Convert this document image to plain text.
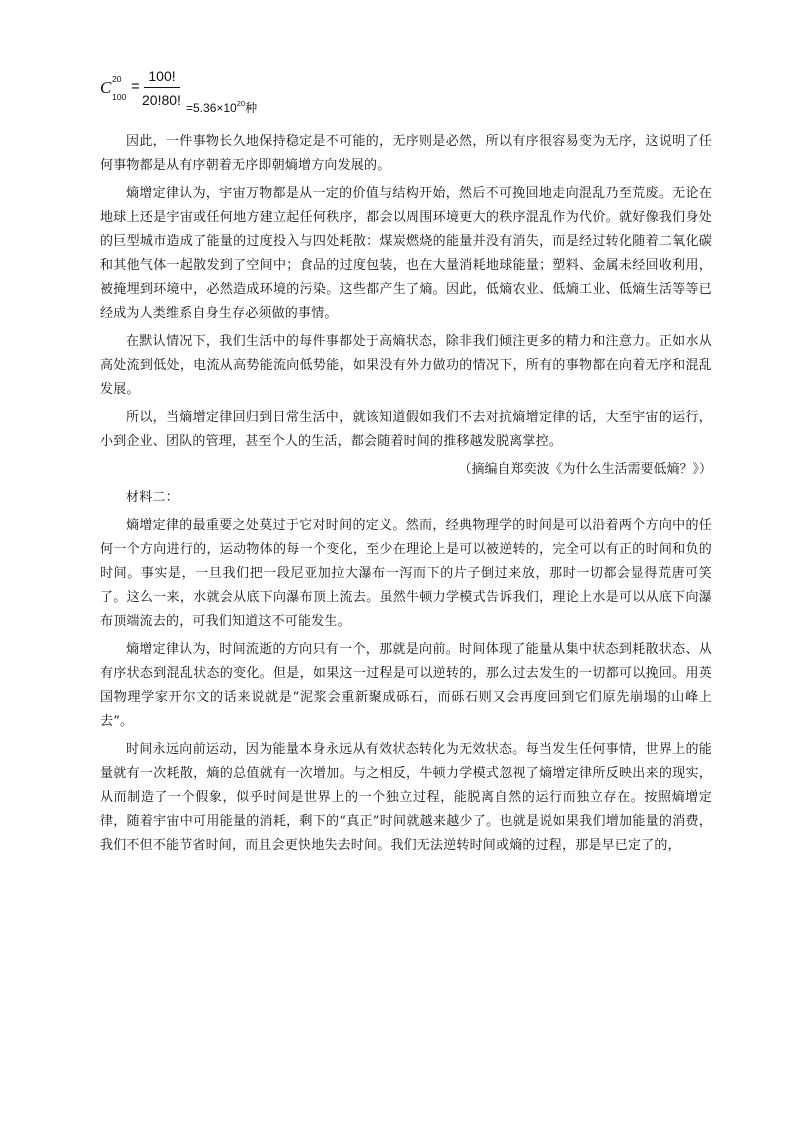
C 20
100
=
100!
20!80! $=5.36\times 10^{20}$种

因此，一件事物长久地保持稳定是不可能的，无序则是必然，所以有序很容易变为无序，这说明了任何事物都是从有序朝着无序即朝熵增方向发展的。

熵增定律认为，宇宙万物都是从一定的价值与结构开始，然后不可挽回地走向混乱乃至荒废。无论在地球上还是宇宙或任何地方建立起任何秩序，都会以周围环境更大的秩序混乱作为代价。就好像我们身处的巨型城市造成了能量的过度投入与四处耗散：煤炭燃烧的能量并没有消失，而是经过转化随着二氧化碳和其他气体一起散发到了空间中；食品的过度包装，也在大量消耗地球能量；塑料、金属未经回收利用，被掩埋到环境中，必然造成环境的污染。这些都产生了熵。因此，低熵农业、低熵工业、低熵生活等等已经成为人类维系自身生存必须做的事情。

在默认情况下，我们生活中的每件事都处于高熵状态，除非我们倾注更多的精力和注意力。正如水从高处流到低处，电流从高势能流向低势能，如果没有外力做功的情况下，所有的事物都在向着无序和混乱发展。

所以，当熵增定律回归到日常生活中，就该知道假如我们不去对抗熵增定律的话，大至宇宙的运行，小到企业、团队的管理，甚至个人的生活，都会随着时间的推移越发脱离掌控。

（摘编自郑奕波《为什么生活需要低熵？》）

材料二：

熵增定律的最重要之处莫过于它对时间的定义。然而，经典物理学的时间是可以沿着两个方向中的任何一个方向进行的，运动物体的每一个变化，至少在理论上是可以被逆转的，完全可以有正的时间和负的时间。事实是，一旦我们把一段尼亚加拉大瀑布一泻而下的片子倒过来放，那时一切都会显得荒唐可笑了。这么一来，水就会从底下向瀑布顶上流去。虽然牛顿力学模式告诉我们，理论上水是可以从底下向瀑布顶端流去的，可我们知道这不可能发生。

熵增定律认为，时间流逝的方向只有一个，那就是向前。时间体现了能量从集中状态到耗散状态、从有序状态到混乱状态的变化。但是，如果这一过程是可以逆转的，那么过去发生的一切都可以挽回。用英国物理学家开尔文的话来说就是“泥浆会重新聚成砾石，而砾石则又会再度回到它们原先崩塌的山峰上去”。

时间永远向前运动，因为能量本身永远从有效状态转化为无效状态。每当发生任何事情，世界上的能量就有一次耗散，熵的总值就有一次增加。与之相反，牛顿力学模式忽视了熵增定律所反映出来的现实，从而制造了一个假象，似乎时间是世界上的一个独立过程，能脱离自然的运行而独立存在。按照熵增定律，随着宇宙中可用能量的消耗，剩下的“真正”时间就越来越少了。也就是说如果我们增加能量的消费，我们不但不能节省时间，而且会更快地失去时间。我们无法逆转时间或熵的过程，那是早已定了的，
